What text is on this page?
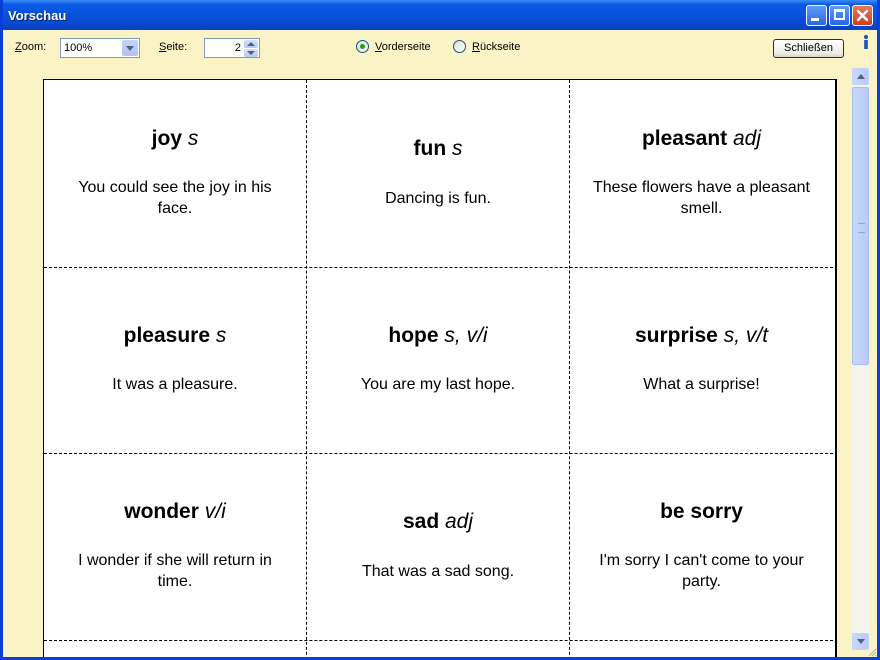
Vorschau
Zoom: 100%	Seite:	2	Vorderseite	Rückseite	Schließen
joy s
You could see the joy in his face.
fun s
Dancing is fun.
pleasant adj
These flowers have a pleasant smell.
pleasure s
It was a pleasure.
hope s, v/i
You are my last hope.
surprise s, v/t
What a surprise!
wonder v/i
I wonder if she will return in time.
sad adj
That was a sad song.
be sorry
I'm sorry I can't come to your party.
